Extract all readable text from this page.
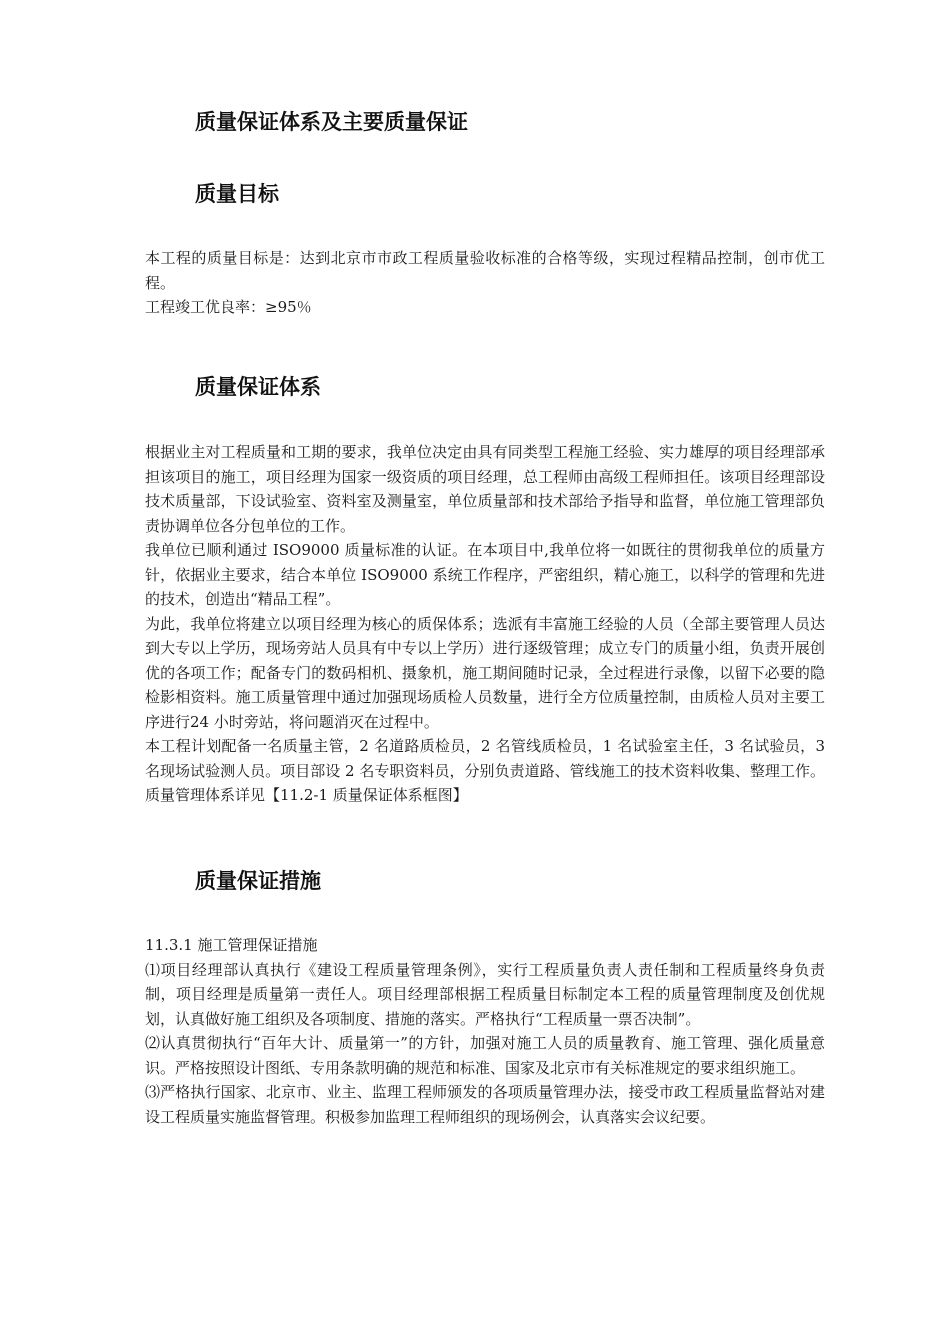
质量保证体系及主要质量保证
质量目标

本工程的质量目标是：达到北京市市政工程质量验收标准的合格等级，实现过程精品控制，创市优工程。

工程竣工优良率：≥95％

质量保证体系

根据业主对工程质量和工期的要求，我单位决定由具有同类型工程施工经验、实力雄厚的项目经理部承担该项目的施工，项目经理为国家一级资质的项目经理，总工程师由高级工程师担任。该项目经理部设技术质量部，下设试验室、资料室及测量室，单位质量部和技术部给予指导和监督，单位施工管理部负责协调单位各分包单位的工作。

我单位已顺利通过 ISO9000 质量标准的认证。在本项目中,我单位将一如既往的贯彻我单位的质量方针，依据业主要求，结合本单位 ISO9000 系统工作程序，严密组织，精心施工，以科学的管理和先进的技术，创造出“精品工程”。

为此，我单位将建立以项目经理为核心的质保体系；选派有丰富施工经验的人员（全部主要管理人员达到大专以上学历，现场旁站人员具有中专以上学历）进行逐级管理；成立专门的质量小组，负责开展创优的各项工作；配备专门的数码相机、摄象机，施工期间随时记录，全过程进行录像，以留下必要的隐检影相资料。施工质量管理中通过加强现场质检人员数量，进行全方位质量控制，由质检人员对主要工序进行24 小时旁站，将问题消灭在过程中。

本工程计划配备一名质量主管，2 名道路质检员，2 名管线质检员，1 名试验室主任，3 名试验员，3 名现场试验测人员。项目部设 2 名专职资料员，分别负责道路、管线施工的技术资料收集、整理工作。质量管理体系详见【11.2-1 质量保证体系框图】

质量保证措施

11.3.1 施工管理保证措施

⑴项目经理部认真执行《建设工程质量管理条例》，实行工程质量负责人责任制和工程质量终身负责制，项目经理是质量第一责任人。项目经理部根据工程质量目标制定本工程的质量管理制度及创优规划，认真做好施工组织及各项制度、措施的落实。严格执行“工程质量一票否决制”。

⑵认真贯彻执行“百年大计、质量第一”的方针，加强对施工人员的质量教育、施工管理、强化质量意识。严格按照设计图纸、专用条款明确的规范和标准、国家及北京市有关标准规定的要求组织施工。

⑶严格执行国家、北京市、业主、监理工程师颁发的各项质量管理办法，接受市政工程质量监督站对建设工程质量实施监督管理。积极参加监理工程师组织的现场例会，认真落实会议纪要。
